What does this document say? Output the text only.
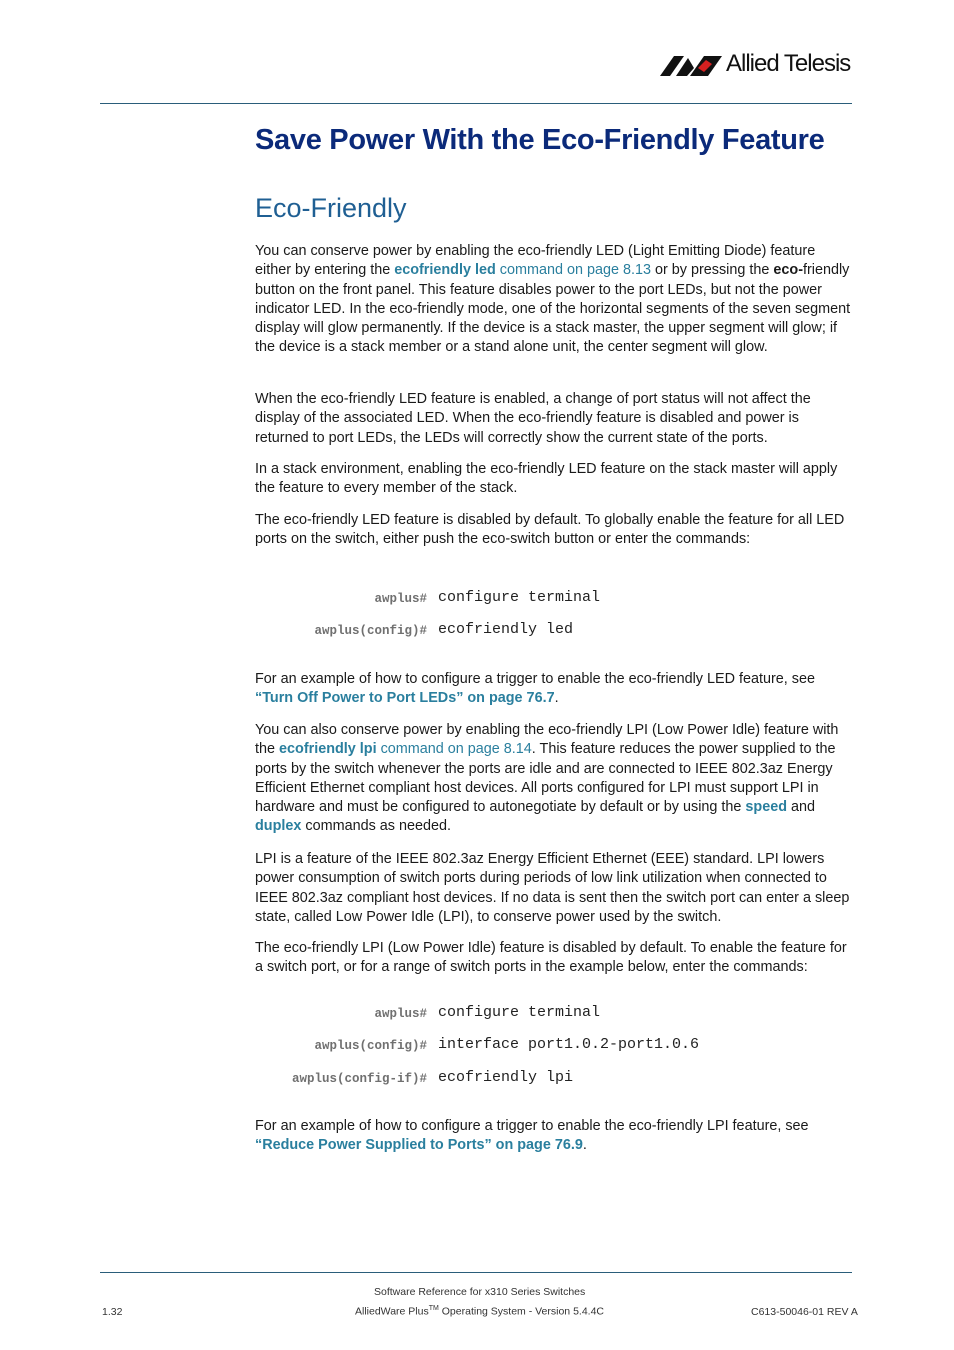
Allied Telesis
Save Power With the Eco-Friendly Feature
Eco-Friendly

You can conserve power by enabling the eco-friendly LED (Light Emitting Diode) feature either by entering the ecofriendly led command on page 8.13 or by pressing the eco-friendly button on the front panel. This feature disables power to the port LEDs, but not the power indicator LED. In the eco-friendly mode, one of the horizontal segments of the seven segment display will glow permanently. If the device is a stack master, the upper segment will glow; if the device is a stack member or a stand alone unit, the center segment will glow.

When the eco-friendly LED feature is enabled, a change of port status will not affect the display of the associated LED. When the eco-friendly feature is disabled and power is returned to port LEDs, the LEDs will correctly show the current state of the ports.

In a stack environment, enabling the eco-friendly LED feature on the stack master will apply the feature to every member of the stack.

The eco-friendly LED feature is disabled by default. To globally enable the feature for all LED ports on the switch, either push the eco-switch button or enter the commands:

awplus# configure terminal
awplus(config)# ecofriendly led

For an example of how to configure a trigger to enable the eco-friendly LED feature, see “Turn Off Power to Port LEDs” on page 76.7.

You can also conserve power by enabling the eco-friendly LPI (Low Power Idle) feature with the ecofriendly lpi command on page 8.14. This feature reduces the power supplied to the ports by the switch whenever the ports are idle and are connected to IEEE 802.3az Energy Efficient Ethernet compliant host devices. All ports configured for LPI must support LPI in hardware and must be configured to autonegotiate by default or by using the speed and duplex commands as needed.

LPI is a feature of the IEEE 802.3az Energy Efficient Ethernet (EEE) standard. LPI lowers power consumption of switch ports during periods of low link utilization when connected to IEEE 802.3az compliant host devices. If no data is sent then the switch port can enter a sleep state, called Low Power Idle (LPI), to conserve power used by the switch.

The eco-friendly LPI (Low Power Idle) feature is disabled by default. To enable the feature for a switch port, or for a range of switch ports in the example below, enter the commands:

awplus# configure terminal
awplus(config)# interface port1.0.2-port1.0.6
awplus(config-if)# ecofriendly lpi

For an example of how to configure a trigger to enable the eco-friendly LPI feature, see “Reduce Power Supplied to Ports” on page 76.9.

Software Reference for x310 Series Switches
AlliedWare Plus™ Operating System - Version 5.4.4C
1.32	C613-50046-01 REV A
